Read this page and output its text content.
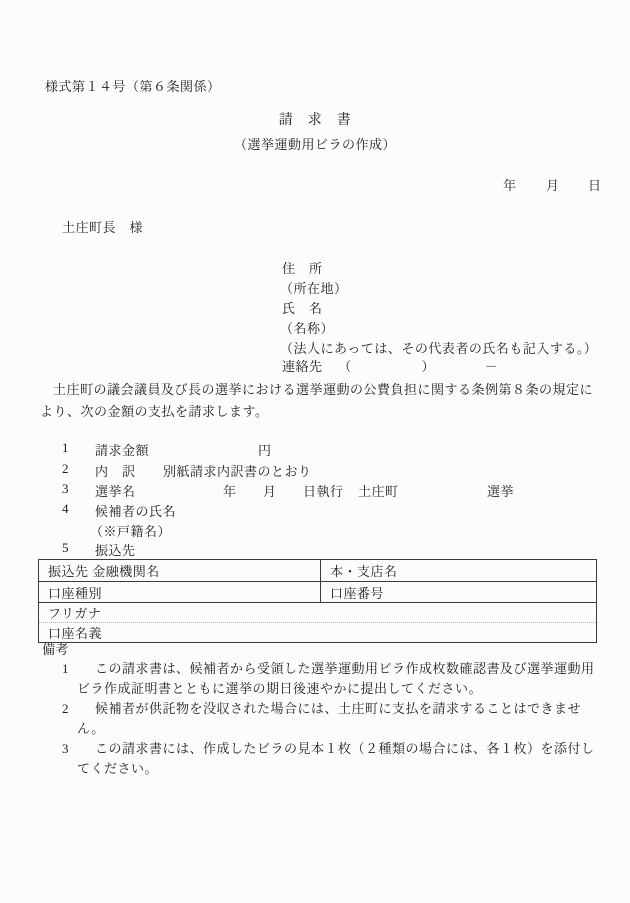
様式第１４号（第６条関係）
請　求　書
（選挙運動用ビラの作成）
年 月 日
土庄町長　様
住　所
（所在地）
氏　名
（名称）
（法人にあっては、その代表者の氏名も記入する。）
連絡先 （	）	－
土庄町の議会議員及び長の選挙における選挙運動の公費負担に関する条例第８条の規定により、次の金額の支払を請求します。
1 請求金額	円
2 内　訳 別紙請求内訳書のとおり
3 選挙名	年 月 日執行 土庄町	選挙
4 候補者の氏名
（※戸籍名）
5 振込先
振込先 金融機関名	本・支店名
口座種別	口座番号
フリガナ
口座名義
備考
1 この請求書は、候補者から受領した選挙運動用ビラ作成枚数確認書及び選挙運動用ビラ作成証明書とともに選挙の期日後速やかに提出してください。
2 候補者が供託物を没収された場合には、土庄町に支払を請求することはできません。
3 この請求書には、作成したビラの見本１枚（２種類の場合には、各１枚）を添付してください。
